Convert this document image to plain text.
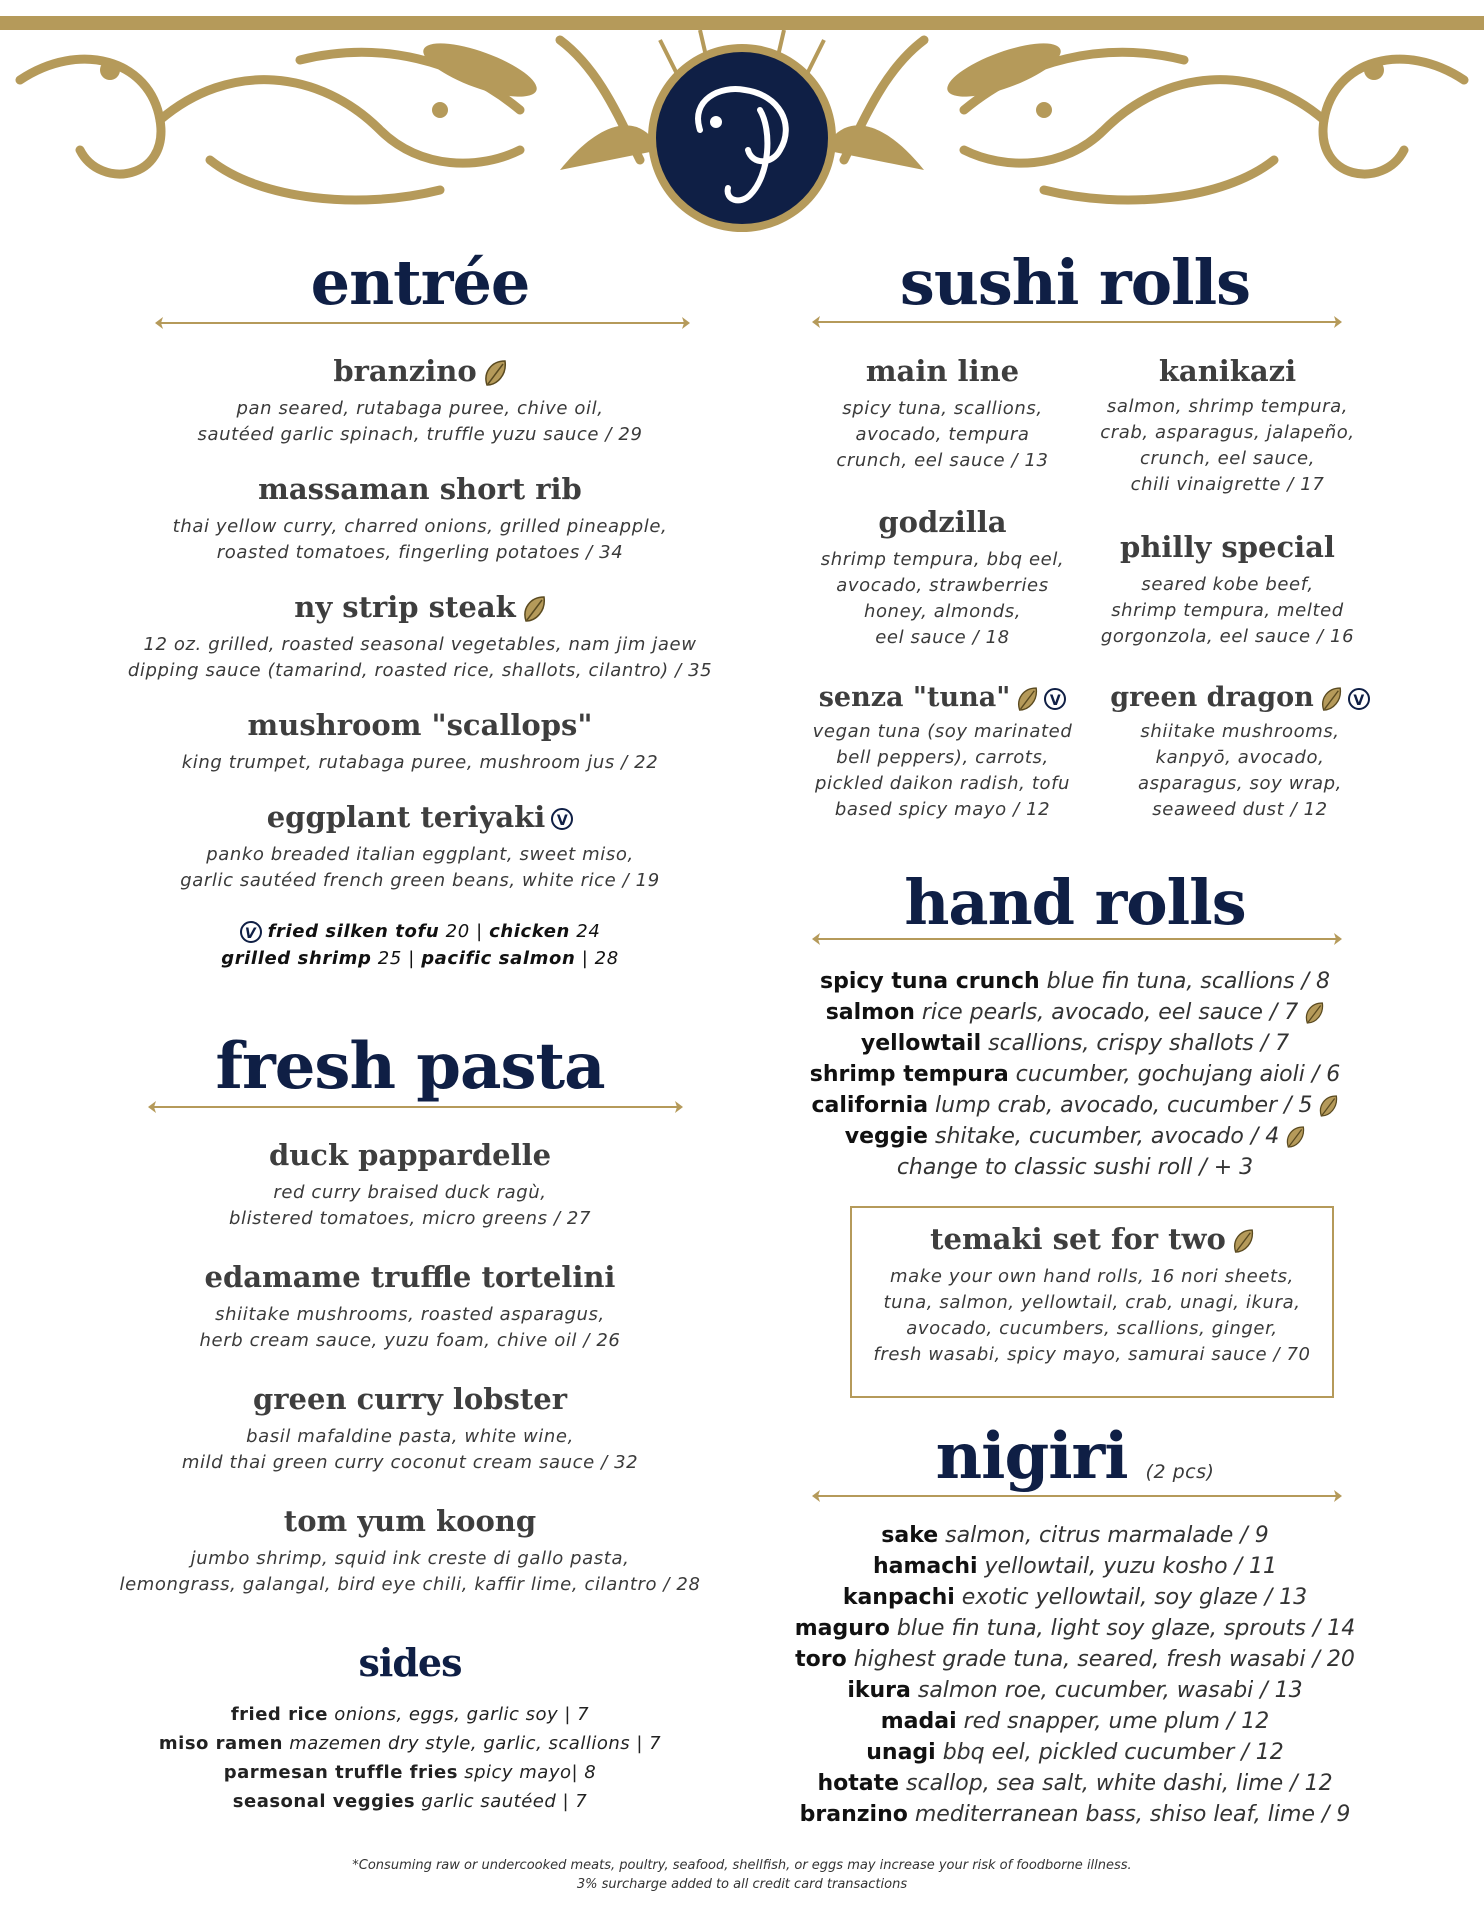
entrée

branzino

pan seared, rutabaga puree, chive oil,

sautéed garlic spinach, truffle yuzu sauce / 29

massaman short rib

thai yellow curry, charred onions, grilled pineapple,

roasted tomatoes, fingerling potatoes / 34

ny strip steak

12 oz. grilled, roasted seasonal vegetables, nam jim jaew

dipping sauce (tamarind, roasted rice, shallots, cilantro) / 35

mushroom "scallops"

king trumpet, rutabaga puree, mushroom jus / 22

eggplant teriyaki V

panko breaded italian eggplant, sweet miso,

garlic sautéed french green beans, white rice / 19

V fried silken tofu 20 | chicken 24
grilled shrimp 25 | pacific salmon | 28
fresh pasta

duck pappardelle

red curry braised duck ragù,

blistered tomatoes, micro greens / 27

edamame truffle tortelini

shiitake mushrooms, roasted asparagus,

herb cream sauce, yuzu foam, chive oil / 26

green curry lobster

basil mafaldine pasta, white wine,

mild thai green curry coconut cream sauce / 32

tom yum koong

jumbo shrimp, squid ink creste di gallo pasta,

lemongrass, galangal, bird eye chili, kaffir lime, cilantro / 28

sides
fried rice onions, eggs, garlic soy | 7
miso ramen mazemen dry style, garlic, scallions | 7
parmesan truffle fries spicy mayo| 8
seasonal veggies garlic sautéed | 7
sushi rolls

main line

spicy tuna, scallions,

avocado, tempura

crunch, eel sauce / 13

kanikazi

salmon, shrimp tempura,

crab, asparagus, jalapeño,

crunch, eel sauce,

chili vinaigrette / 17

godzilla

shrimp tempura, bbq eel,

avocado, strawberries

honey, almonds,

eel sauce / 18

philly special

seared kobe beef,

shrimp tempura, melted

gorgonzola, eel sauce / 16

senza "tuna"	V

vegan tuna (soy marinated

bell peppers), carrots,

pickled daikon radish, tofu

based spicy mayo / 12

green dragon	V

shiitake mushrooms,

kanpyō, avocado,

asparagus, soy wrap,

seaweed dust / 12

hand rolls
spicy tuna crunch blue fin tuna, scallions / 8
salmon rice pearls, avocado, eel sauce / 7
yellowtail scallions, crispy shallots / 7
shrimp tempura cucumber, gochujang aioli / 6
california lump crab, avocado, cucumber / 5
veggie shitake, cucumber, avocado / 4
change to classic sushi roll / + 3

temaki set for two

make your own hand rolls, 16 nori sheets,

tuna, salmon, yellowtail, crab, unagi, ikura,

avocado, cucumbers, scallions, ginger,

fresh wasabi, spicy mayo, samurai sauce / 70

nigiri (2 pcs)
sake salmon, citrus marmalade / 9
hamachi yellowtail, yuzu kosho / 11
kanpachi exotic yellowtail, soy glaze / 13
maguro blue fin tuna, light soy glaze, sprouts / 14
toro highest grade tuna, seared, fresh wasabi / 20
ikura salmon roe, cucumber, wasabi / 13
madai red snapper, ume plum / 12
unagi bbq eel, pickled cucumber / 12
hotate scallop, sea salt, white dashi, lime / 12
branzino mediterranean bass, shiso leaf, lime / 9
*Consuming raw or undercooked meats, poultry, seafood, shellfish, or eggs may increase your risk of foodborne illness.
3% surcharge added to all credit card transactions
